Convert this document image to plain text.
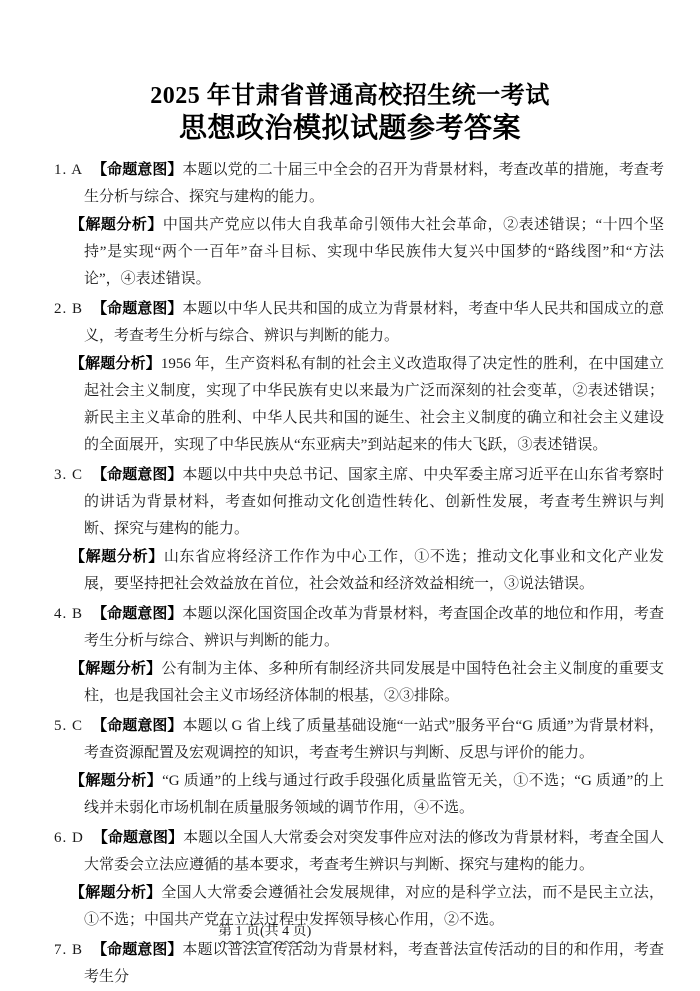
2025 年甘肃省普通高校招生统一考试
思想政治模拟试题参考答案

1. A 【命题意图】本题以党的二十届三中全会的召开为背景材料，考查改革的措施，考查考生分析与综合、探究与建构的能力。

【解题分析】中国共产党应以伟大自我革命引领伟大社会革命，②表述错误；“十四个坚持”是实现“两个一百年”奋斗目标、实现中华民族伟大复兴中国梦的“路线图”和“方法论”，④表述错误。

2. B 【命题意图】本题以中华人民共和国的成立为背景材料，考查中华人民共和国成立的意义，考查考生分析与综合、辨识与判断的能力。

【解题分析】1956 年，生产资料私有制的社会主义改造取得了决定性的胜利，在中国建立起社会主义制度，实现了中华民族有史以来最为广泛而深刻的社会变革，②表述错误；新民主主义革命的胜利、中华人民共和国的诞生、社会主义制度的确立和社会主义建设的全面展开，实现了中华民族从“东亚病夫”到站起来的伟大飞跃，③表述错误。

3. C 【命题意图】本题以中共中央总书记、国家主席、中央军委主席习近平在山东省考察时的讲话为背景材料，考查如何推动文化创造性转化、创新性发展，考查考生辨识与判断、探究与建构的能力。

【解题分析】山东省应将经济工作作为中心工作，①不选；推动文化事业和文化产业发展，要坚持把社会效益放在首位，社会效益和经济效益相统一，③说法错误。

4. B 【命题意图】本题以深化国资国企改革为背景材料，考查国企改革的地位和作用，考查考生分析与综合、辨识与判断的能力。

【解题分析】公有制为主体、多种所有制经济共同发展是中国特色社会主义制度的重要支柱，也是我国社会主义市场经济体制的根基，②③排除。

5. C 【命题意图】本题以 G 省上线了质量基础设施“一站式”服务平台“G 质通”为背景材料，考查资源配置及宏观调控的知识，考查考生辨识与判断、反思与评价的能力。

【解题分析】“G 质通”的上线与通过行政手段强化质量监管无关，①不选；“G 质通”的上线并未弱化市场机制在质量服务领域的调节作用，④不选。

6. D 【命题意图】本题以全国人大常委会对突发事件应对法的修改为背景材料，考查全国人大常委会立法应遵循的基本要求，考查考生辨识与判断、探究与建构的能力。

【解题分析】全国人大常委会遵循社会发展规律，对应的是科学立法，而不是民主立法，①不选；中国共产党在立法过程中发挥领导核心作用，②不选。

7. B 【命题意图】本题以普法宣传活动为背景材料，考查普法宣传活动的目的和作用，考查考生分

第 1 页(共 4 页)
